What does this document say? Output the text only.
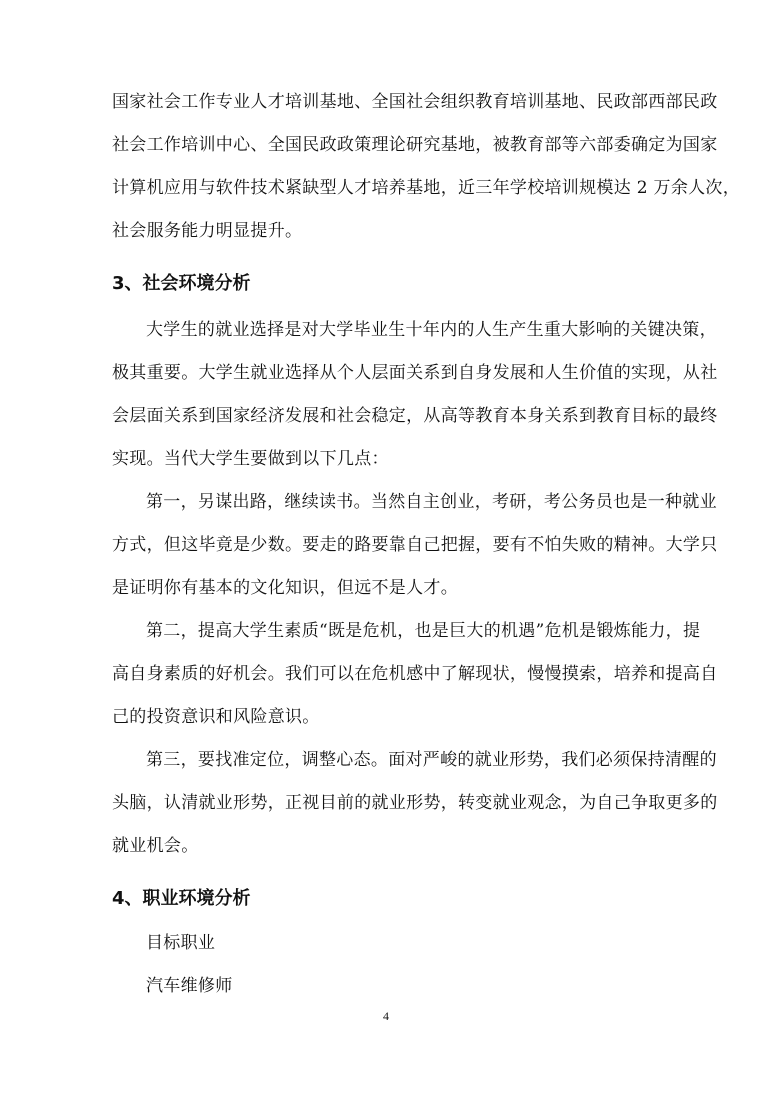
国家社会工作专业人才培训基地、全国社会组织教育培训基地、民政部西部民政
社会工作培训中心、全国民政政策理论研究基地，被教育部等六部委确定为国家
计算机应用与软件技术紧缺型人才培养基地，近三年学校培训规模达 2 万余人次，
社会服务能力明显提升。
3、社会环境分析
大学生的就业选择是对大学毕业生十年内的人生产生重大影响的关键决策，
极其重要。大学生就业选择从个人层面关系到自身发展和人生价值的实现，从社
会层面关系到国家经济发展和社会稳定，从高等教育本身关系到教育目标的最终
实现。当代大学生要做到以下几点：
第一，另谋出路，继续读书。当然自主创业，考研，考公务员也是一种就业
方式，但这毕竟是少数。要走的路要靠自己把握，要有不怕失败的精神。大学只
是证明你有基本的文化知识，但远不是人才。
第二，提高大学生素质“既是危机，也是巨大的机遇”危机是锻炼能力，提
高自身素质的好机会。我们可以在危机感中了解现状，慢慢摸索，培养和提高自
己的投资意识和风险意识。
第三，要找准定位，调整心态。面对严峻的就业形势，我们必须保持清醒的
头脑，认清就业形势，正视目前的就业形势，转变就业观念，为自己争取更多的
就业机会。
4、职业环境分析
目标职业
汽车维修师
4
